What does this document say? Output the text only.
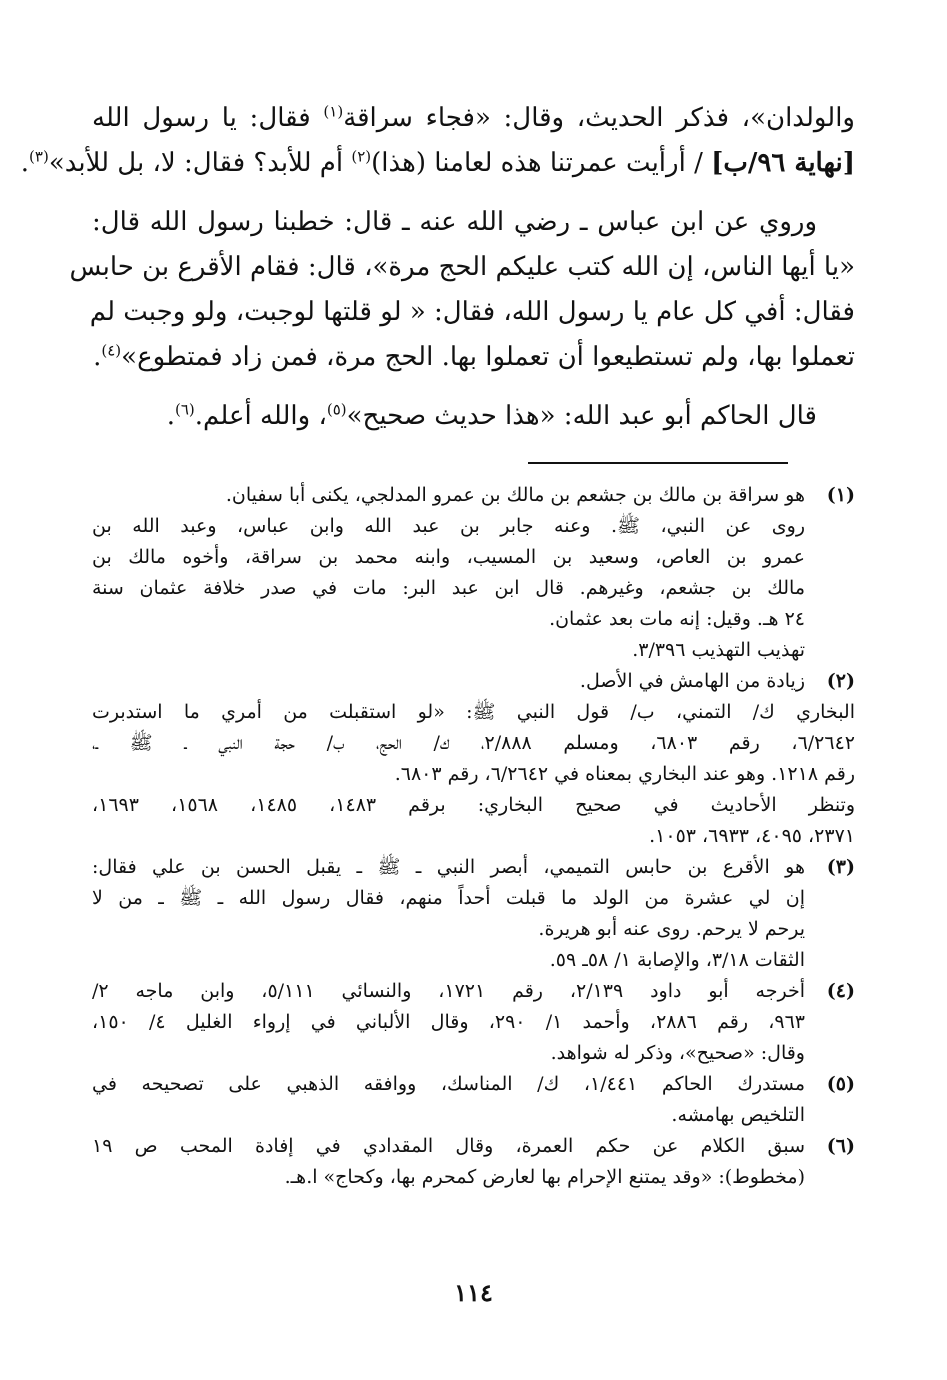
والولدان»، فذكر الحديث، وقال: «فجاء سراقة$^{(١)}$ فقال: يا رسول الله
[نهاية ٩٦/ب] / أرأيت عمرتنا هذه لعامنا (هذا)$^{(٢)}$ أم للأبد؟ فقال: لا، بل للأبد»$^{(٣)}$.

وروي عن ابن عباس ـ رضي الله عنه ـ قال: خطبنا رسول الله قال:
«يا أيها الناس، إن الله كتب عليكم الحج مرة»، قال: فقام الأقرع بن حابس
فقال: أفي كل عام يا رسول الله، فقال: « لو قلتها لوجبت، ولو وجبت لم
تعملوا بها، ولم تستطيعوا أن تعملوا بها. الحج مرة، فمن زاد فمتطوع»$^{(٤)}$.

قال الحاكم أبو عبد الله: «هذا حديث صحيح»$^{(٥)}$، والله أعلم.$^{(٦)}$.

(١)
هو سراقة بن مالك بن جشعم بن مالك بن عمرو المدلجي، يكنى أبا سفيان.
روى عن النبي، ﷺ. وعنه جابر بن عبد الله وابن عباس، وعبد الله بن
عمرو بن العاص، وسعيد بن المسيب، وابنه محمد بن سراقة، وأخوه مالك بن
مالك بن جشعم، وغيرهم. قال ابن عبد البر: مات في صدر خلافة عثمان سنة
٢٤ هـ. وقيل: إنه مات بعد عثمان.
تهذيب التهذيب ٣/٣٩٦.
(٢)
زيادة من الهامش في الأصل.
البخاري ك/ التمني، ب/ قول النبي ﷺ: «لو استقبلت من أمري ما استدبرت
٦/٢٦٤٢، رقم ٦٨٠٣، ومسلم ٢/٨٨٨، ك/ الحج، ب/ حجة النبي ـ ﷺ ـ،
رقم ١٢١٨. وهو عند البخاري بمعناه في ٦/٢٦٤٢، رقم ٦٨٠٣.
وتنظر الأحاديث في صحيح البخاري: برقم ١٤٨٣، ١٤٨٥، ١٥٦٨، ١٦٩٣،
٢٣٧١، ٤٠٩٥، ٦٩٣٣، ١٠٥٣.
(٣)
هو الأقرع بن حابس التميمي، أبصر النبي ـ ﷺ ـ يقبل الحسن بن علي فقال:
إن لي عشرة من الولد ما قبلت أحداً منهم، فقال رسول الله ـ ﷺ ـ من لا
يرحم لا يرحم. روى عنه أبو هريرة.
الثقات ٣/١٨، والإصابة ١/ ٥٨ـ ٥٩.
(٤)
أخرجه أبو داود ٢/١٣٩، رقم ١٧٢١، والنسائي ٥/١١١، وابن ماجه ٢/
٩٦٣، رقم ٢٨٨٦، وأحمد ١/ ٢٩٠، وقال الألباني في إرواء الغليل ٤/ ١٥٠،
وقال: «صحيح»، وذكر له شواهد.
(٥)
مستدرك الحاكم ١/٤٤١، ك/ المناسك، ووافقه الذهبي على تصحيحه في
التلخيص بهامشه.
(٦)
سبق الكلام عن حكم العمرة، وقال المقدادي في إفادة المحب ص ١٩
(مخطوط): «وقد يمتنع الإحرام بها لعارض كمحرم بها، وكحاج» ا.هـ.
١١٤
